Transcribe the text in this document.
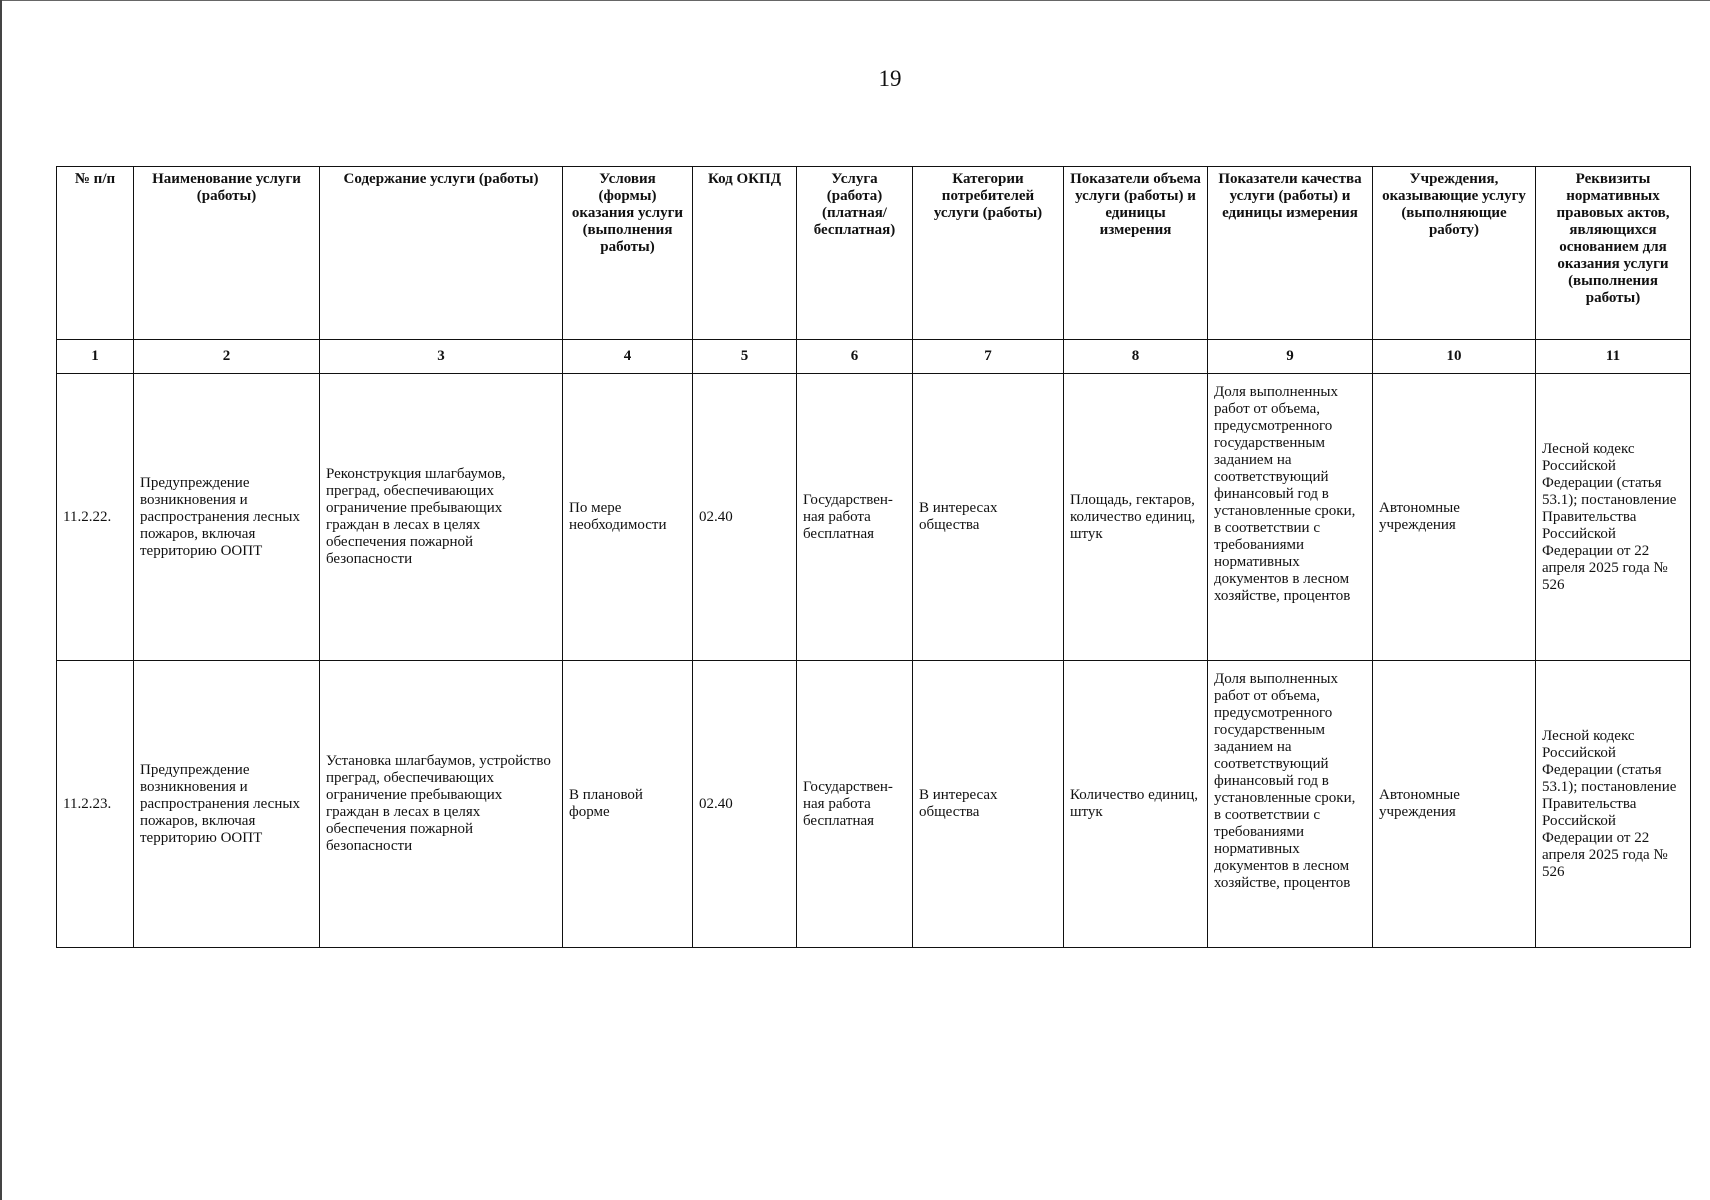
19
№ п/п	Наименование услуги (работы)	Содержание услуги (работы)	Условия (формы) оказания услуги (выполнения работы)	Код ОКПД	Услуга (работа) (платная/ бесплатная)	Категории потребителей услуги (работы)	Показатели объема услуги (работы) и единицы измерения	Показатели качества услуги (работы) и единицы измерения	Учреждения, оказывающие услугу (выполняющие работу)	Реквизиты нормативных правовых актов, являющихся основанием для оказания услуги (выполнения работы)
1	2	3	4	5	6	7	8	9	10	11
11.2.22.	Предупреждение возникновения и распространения лесных пожаров, включая территорию ООПТ	Реконструкция шлагбаумов, преград, обеспечивающих ограничение пребывающих граждан в лесах в целях обеспечения пожарной безопасности	По мере необходимости	02.40	Государствен-ная работа бесплатная	В интересах общества	Площадь, гектаров, количество единиц, штук	Доля выполненных работ от объема, предусмотренного государственным заданием на соответствующий финансовый год в установленные сроки, в соответствии с требованиями нормативных документов в лесном хозяйстве, процентов	Автономные учреждения	Лесной кодекс Российской Федерации (статья 53.1); постановление Правительства Российской Федерации от 22 апреля 2025 года № 526
11.2.23.	Предупреждение возникновения и распространения лесных пожаров, включая территорию ООПТ	Установка шлагбаумов, устройство преград, обеспечивающих ограничение пребывающих граждан в лесах в целях обеспечения пожарной безопасности	В плановой форме	02.40	Государствен-ная работа бесплатная	В интересах общества	Количество единиц, штук	Доля выполненных работ от объема, предусмотренного государственным заданием на соответствующий финансовый год в установленные сроки, в соответствии с требованиями нормативных документов в лесном хозяйстве, процентов	Автономные учреждения	Лесной кодекс Российской Федерации (статья 53.1); постановление Правительства Российской Федерации от 22 апреля 2025 года № 526
